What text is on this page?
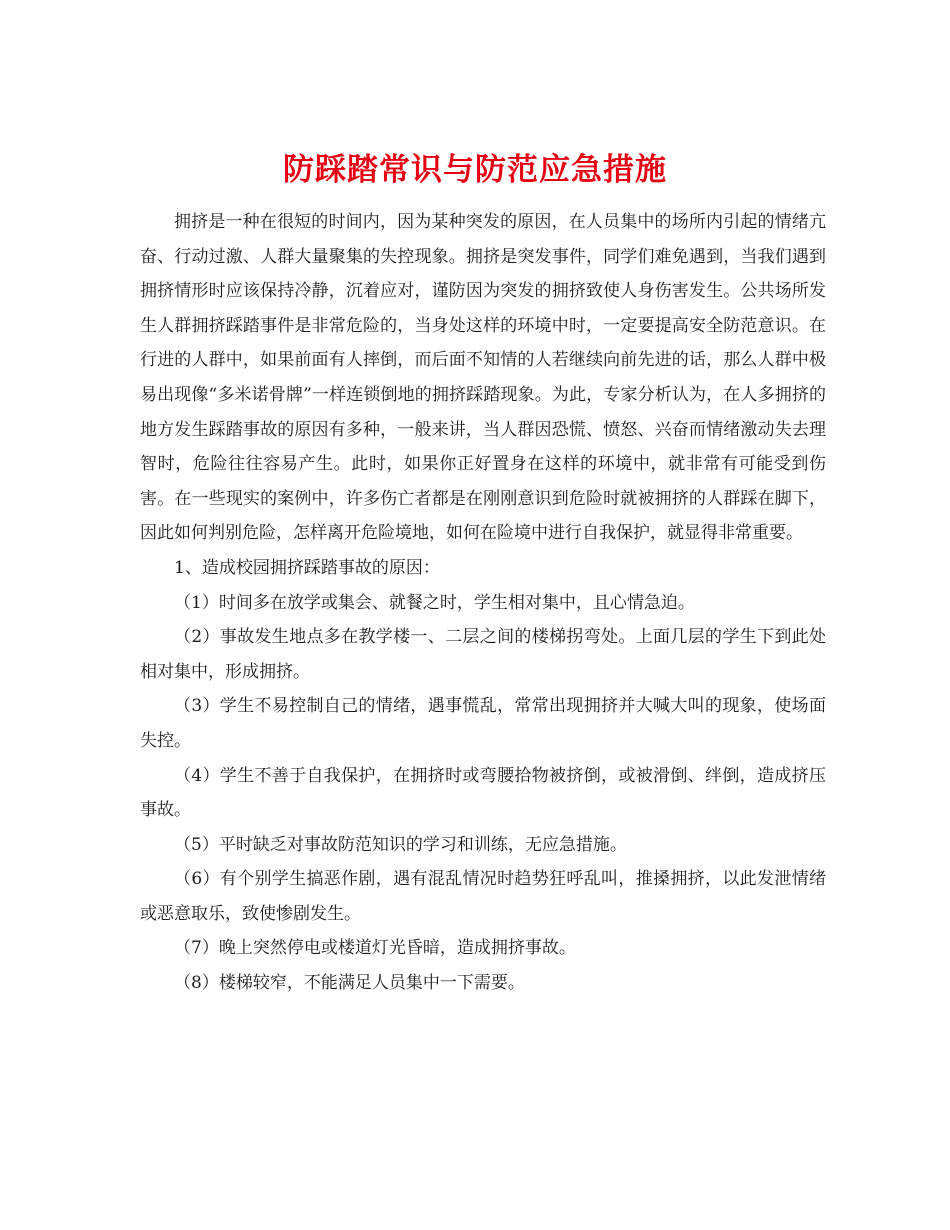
防踩踏常识与防范应急措施

拥挤是一种在很短的时间内，因为某种突发的原因，在人员集中的场所内引起的情绪亢奋、行动过激、人群大量聚集的失控现象。拥挤是突发事件，同学们难免遇到，当我们遇到拥挤情形时应该保持冷静，沉着应对，谨防因为突发的拥挤致使人身伤害发生。公共场所发生人群拥挤踩踏事件是非常危险的，当身处这样的环境中时，一定要提高安全防范意识。在行进的人群中，如果前面有人摔倒，而后面不知情的人若继续向前先进的话，那么人群中极易出现像“多米诺骨牌”一样连锁倒地的拥挤踩踏现象。为此，专家分析认为，在人多拥挤的地方发生踩踏事故的原因有多种，一般来讲，当人群因恐慌、愤怒、兴奋而情绪激动失去理智时，危险往往容易产生。此时，如果你正好置身在这样的环境中，就非常有可能受到伤害。在一些现实的案例中，许多伤亡者都是在刚刚意识到危险时就被拥挤的人群踩在脚下，因此如何判别危险，怎样离开危险境地，如何在险境中进行自我保护，就显得非常重要。

1、造成校园拥挤踩踏事故的原因：

（1）时间多在放学或集会、就餐之时，学生相对集中，且心情急迫。

（2）事故发生地点多在教学楼一、二层之间的楼梯拐弯处。上面几层的学生下到此处相对集中，形成拥挤。

（3）学生不易控制自己的情绪，遇事慌乱，常常出现拥挤并大喊大叫的现象，使场面失控。

（4）学生不善于自我保护，在拥挤时或弯腰拾物被挤倒，或被滑倒、绊倒，造成挤压事故。

（5）平时缺乏对事故防范知识的学习和训练，无应急措施。

（6）有个别学生搞恶作剧，遇有混乱情况时趋势狂呼乱叫，推搡拥挤，以此发泄情绪或恶意取乐，致使惨剧发生。

（7）晚上突然停电或楼道灯光昏暗，造成拥挤事故。

（8）楼梯较窄，不能满足人员集中一下需要。
